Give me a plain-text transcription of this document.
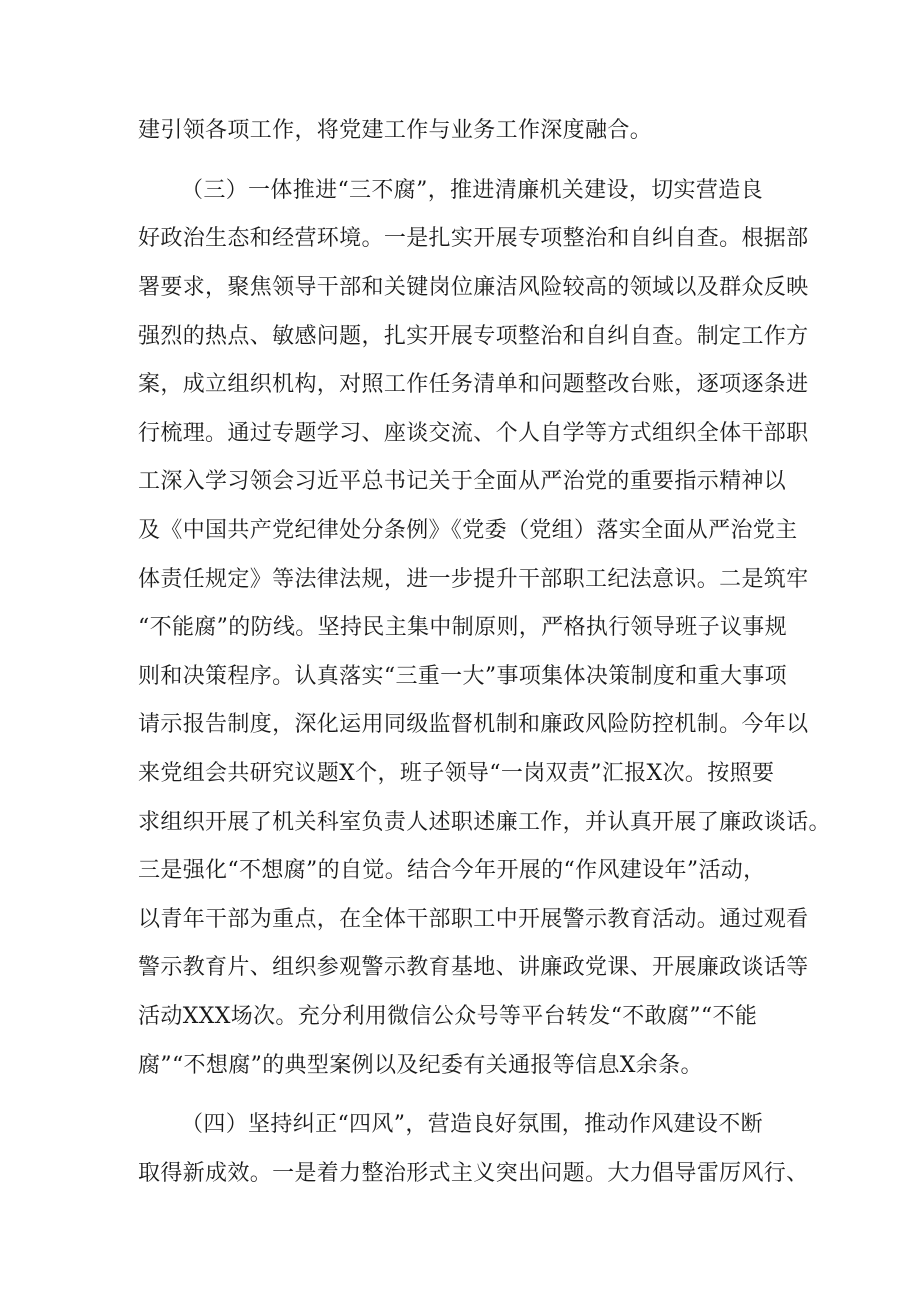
建引领各项工作，将党建工作与业务工作深度融合。
（三）一体推进“三不腐”，推进清廉机关建设，切实营造良
好政治生态和经营环境。一是扎实开展专项整治和自纠自查。根据部
署要求，聚焦领导干部和关键岗位廉洁风险较高的领域以及群众反映
强烈的热点、敏感问题，扎实开展专项整治和自纠自查。制定工作方
案，成立组织机构，对照工作任务清单和问题整改台账，逐项逐条进
行梳理。通过专题学习、座谈交流、个人自学等方式组织全体干部职
工深入学习领会习近平总书记关于全面从严治党的重要指示精神以
及《中国共产党纪律处分条例》《党委（党组）落实全面从严治党主
体责任规定》等法律法规，进一步提升干部职工纪法意识。二是筑牢
“不能腐”的防线。坚持民主集中制原则，严格执行领导班子议事规
则和决策程序。认真落实“三重一大”事项集体决策制度和重大事项
请示报告制度，深化运用同级监督机制和廉政风险防控机制。今年以
来党组会共研究议题X个，班子领导“一岗双责”汇报X次。按照要
求组织开展了机关科室负责人述职述廉工作，并认真开展了廉政谈话。
三是强化“不想腐”的自觉。结合今年开展的“作风建设年”活动，
以青年干部为重点，在全体干部职工中开展警示教育活动。通过观看
警示教育片、组织参观警示教育基地、讲廉政党课、开展廉政谈话等
活动XXX场次。充分利用微信公众号等平台转发“不敢腐”“不能
腐”“不想腐”的典型案例以及纪委有关通报等信息X余条。
（四）坚持纠正“四风”，营造良好氛围，推动作风建设不断
取得新成效。一是着力整治形式主义突出问题。大力倡导雷厉风行、
